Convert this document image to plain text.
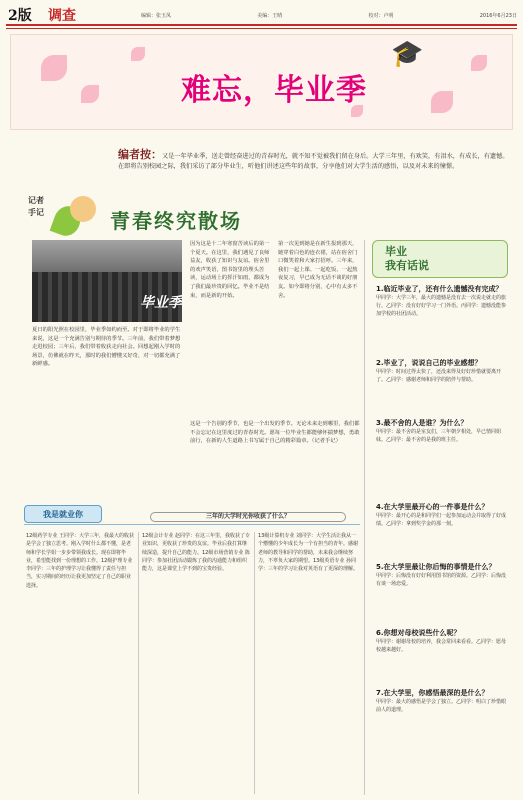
2版 调查	编辑：张玉凤	美编：王晴	校对：卢明	2016年6月23日
🎓
难忘，毕业季

编者按：又是一年毕业季，送走曾经奋进过的青春时光，就不知不觉被我们留在身后。大学三年里，有欢笑，有泪水，有成长，有遗憾。在即将告别校园之际，我们采访了部分毕业生，听他们讲述这些年的故事，分享他们对大学生活的感悟，以及对未来的憧憬。

记者
手记	青春终究散场
毕业季

夏日的阳光照在校园里，毕业季如约而至。对于即将毕业的学生来说，这是一个充满告别与期待的季节。三年前，我们带着梦想走进校园；三年后，我们带着收获走向社会。回想起刚入学时的场景，仿佛就在昨天，那时的我们懵懂又好奇，对一切都充满了新鲜感。

因为这是十二年寒窗苦读后的第一个夏天。在这里，我们遇见了良师益友，收获了知识与友谊。宿舍里的欢声笑语，图书馆里的埋头苦读，运动场上的挥汗如雨，都成为了我们最珍贵的回忆。毕业不是结束，而是新的开始。

第一次见到她是在新生报到那天，她穿着白色的连衣裙，站在宿舍门口微笑着和大家打招呼。三年来，我们一起上课、一起吃饭、一起熬夜复习，早已成为无话不谈的好朋友。如今即将分别，心中有太多不舍。

这是一个告别的季节，也是一个出发的季节。无论未来走到哪里，我们都不会忘记在这里度过的青春时光。愿每一位毕业生都能够怀揣梦想，勇敢前行，在新的人生道路上书写属于自己的精彩篇章。（记者手记）

毕业
我有话说
1.临近毕业了，还有什么遗憾没有完成？
甲同学：大学三年，最大的遗憾是没有去一次说走就走的旅行。乙同学：没有好好学习一门外语。丙同学：遗憾没能参加学校的社团活动。
2.毕业了，说说自己的毕业感想？
甲同学：时间过得太快了，还没来得及好好珍惜就要离开了。乙同学：感谢老师和同学的陪伴与帮助。
3.最不舍的人是谁？为什么？
甲同学：最不舍的是室友们，三年朝夕相处，早已情同姐妹。乙同学：最不舍的是我的班主任。
4.在大学里最开心的一件事是什么？
甲同学：最开心的是和同学们一起参加运动会并取得了好成绩。乙同学：拿到奖学金的那一刻。
5.在大学里最让你后悔的事情是什么？
甲同学：后悔没有好好利用图书馆的资源。乙同学：后悔没有谈一场恋爱。
6.你想对母校说些什么呢？
甲同学：谢谢母校的培养，我会常回来看看。乙同学：愿母校越来越好。
7.在大学里，你感悟最深的是什么？
甲同学：最大的感悟是学会了独立。乙同学：明白了珍惜眼前人的道理。
我是就业你	三年的大学时光你收获了什么？

12级药学专业 王同学：大学三年，我最大的收获是学会了独立思考。刚入学时什么都不懂，是老师和学长学姐一步步带领我成长。现在即将毕业，希望能找到一份理想的工作。12级护理专业 李同学：三年的护理学习让我懂得了责任与担当，实习期间的经历让我更加坚定了自己的职业选择。

12级会计专业 赵同学：在这三年里，我收获了专业知识，更收获了珍贵的友谊。毕业后我打算继续深造，提升自己的能力。12级市场营销专业 陈同学：参加社团活动锻炼了我的沟通能力和组织能力，这是课堂上学不到的宝贵经验。

13级计算机专业 刘同学：大学生活让我从一个懵懂的少年成长为一个有担当的青年。感谢老师的教导和同学的帮助，未来我会继续努力，不辜负大家的期望。13级英语专业 孙同学：三年的学习让我对英语有了更深的理解。
